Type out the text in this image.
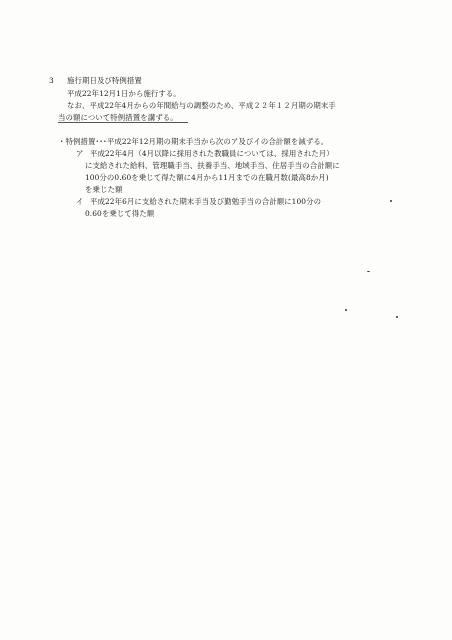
3 施行期日及び特例措置
平成22年12月1日から施行する。
なお、平成22年4月からの年間給与の調整のため、平成２２年１２月期の期末手
当の額について特例措置を講ずる。
・特例措置･･･平成22年12月期の期末手当から次のア及びイの合計額を減ずる。
ア 平成22年4月（4月以降に採用された教職員については、採用された月）
に支給された給料、管理職手当、扶養手当、地域手当、住居手当の合計額に
100分の0.60を乗じて得た額に4月から11月までの在職月数(最高8か月)
を乗じた額
イ 平成22年6月に支給された期末手当及び勤勉手当の合計額に100分の
0.60を乗じて得た額
